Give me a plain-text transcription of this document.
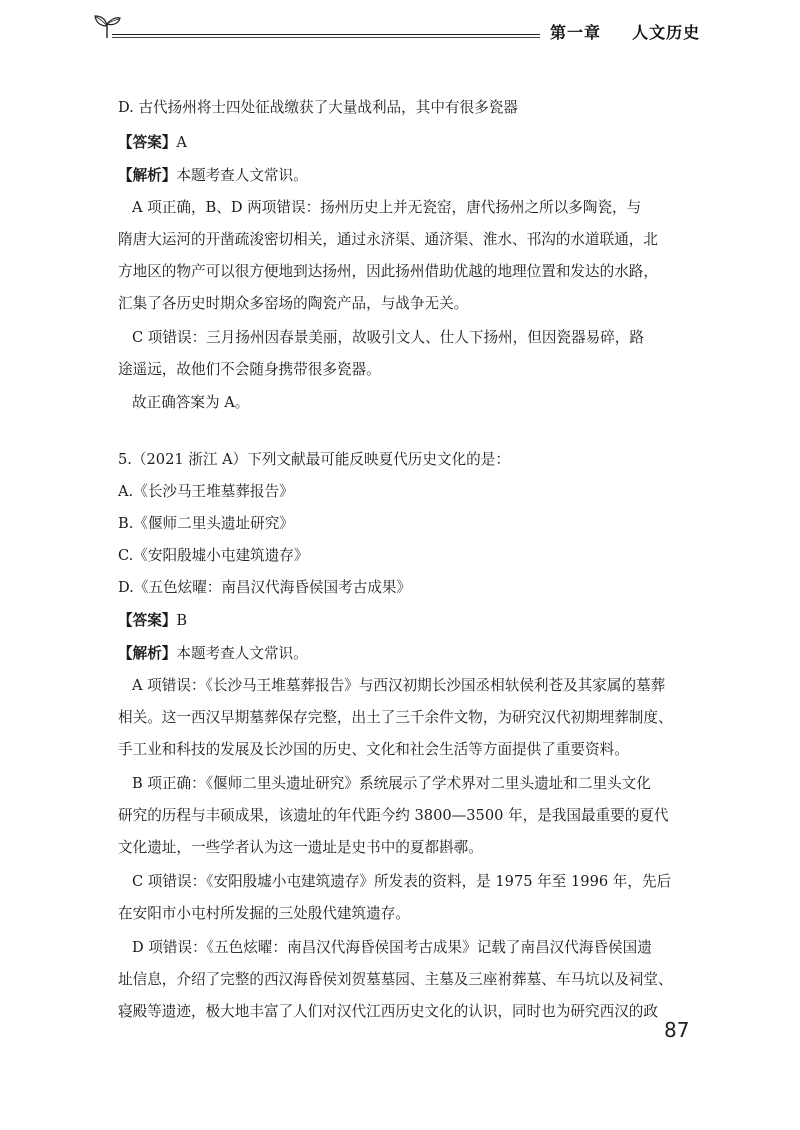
第一章 人文历史
D. 古代扬州将士四处征战缴获了大量战利品，其中有很多瓷器
【答案】A
【解析】本题考查人文常识。
A 项正确，B、D 两项错误：扬州历史上并无瓷窑，唐代扬州之所以多陶瓷，与
隋唐大运河的开凿疏浚密切相关，通过永济渠、通济渠、淮水、邗沟的水道联通，北
方地区的物产可以很方便地到达扬州，因此扬州借助优越的地理位置和发达的水路，
汇集了各历史时期众多窑场的陶瓷产品，与战争无关。
C 项错误：三月扬州因春景美丽，故吸引文人、仕人下扬州，但因瓷器易碎，路
途遥远，故他们不会随身携带很多瓷器。
故正确答案为 A。
5.（2021 浙江 A）下列文献最可能反映夏代历史文化的是：
A.《长沙马王堆墓葬报告》
B.《偃师二里头遗址研究》
C.《安阳殷墟小屯建筑遗存》
D.《五色炫曜：南昌汉代海昏侯国考古成果》
【答案】B
【解析】本题考查人文常识。
A 项错误：《长沙马王堆墓葬报告》与西汉初期长沙国丞相轪侯利苍及其家属的墓葬
相关。这一西汉早期墓葬保存完整，出土了三千余件文物，为研究汉代初期埋葬制度、
手工业和科技的发展及长沙国的历史、文化和社会生活等方面提供了重要资料。
B 项正确：《偃师二里头遗址研究》系统展示了学术界对二里头遗址和二里头文化
研究的历程与丰硕成果，该遗址的年代距今约 3800—3500 年，是我国最重要的夏代
文化遗址，一些学者认为这一遗址是史书中的夏都斟鄩。
C 项错误：《安阳殷墟小屯建筑遗存》所发表的资料，是 1975 年至 1996 年，先后
在安阳市小屯村所发掘的三处殷代建筑遗存。
D 项错误：《五色炫曜：南昌汉代海昏侯国考古成果》记载了南昌汉代海昏侯国遗
址信息，介绍了完整的西汉海昏侯刘贺墓墓园、主墓及三座祔葬墓、车马坑以及祠堂、
寝殿等遗迹，极大地丰富了人们对汉代江西历史文化的认识，同时也为研究西汉的政
87
